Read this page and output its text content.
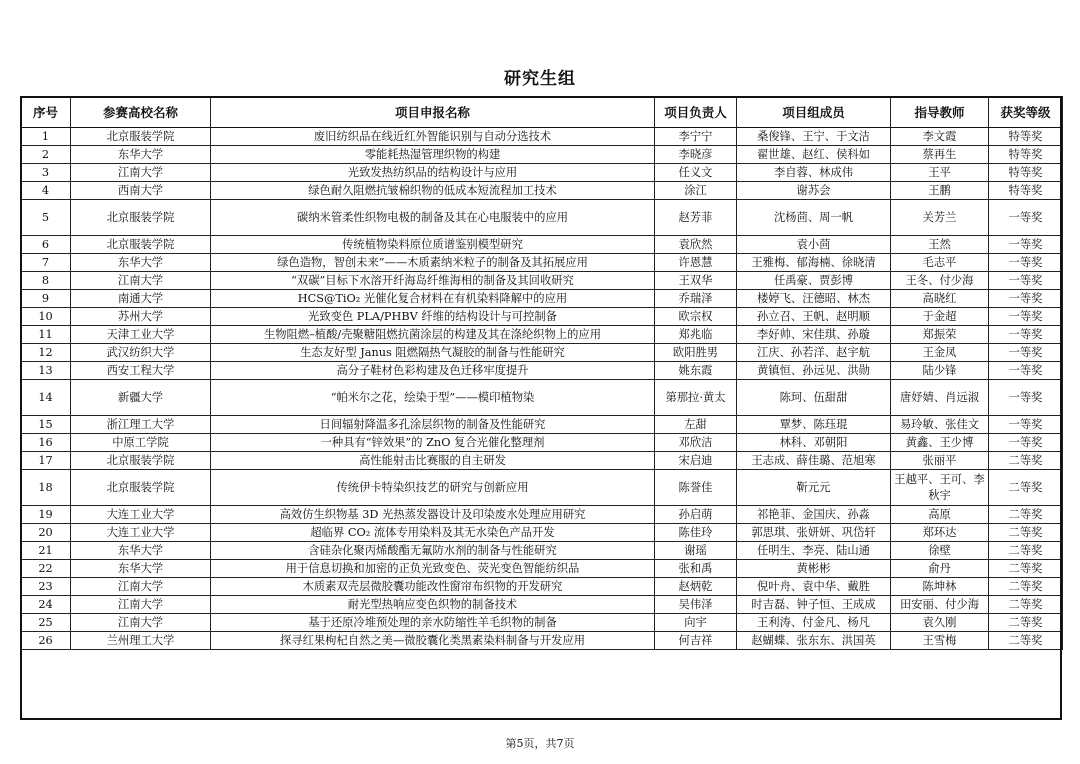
研究生组
序号	参赛高校名称	项目申报名称	项目负责人	项目组成员	指导教师	获奖等级
1	北京服装学院	废旧纺织品在线近红外智能识别与自动分选技术	李宁宁	桑俊锋、王宁、于文洁	李文霞	特等奖
2	东华大学	零能耗热湿管理织物的构建	李晓彦	翟世雄、赵红、侯科如	蔡再生	特等奖
3	江南大学	光致发热纺织品的结构设计与应用	任义文	李自蓉、林成伟	王平	特等奖
4	西南大学	绿色耐久阻燃抗皱棉织物的低成本短流程加工技术	涂江	谢苏会	王鹏	特等奖
5	北京服装学院	碳纳米管柔性织物电极的制备及其在心电服装中的应用	赵芳菲	沈杨茴、周一帆	关芳兰	一等奖
6	北京服装学院	传统植物染料原位质谱鉴别模型研究	袁欣然	袁小茴	王然	一等奖
7	东华大学	绿色造物，智创未来”——木质素纳米粒子的制备及其拓展应用	许恩慧	王雅梅、郁海楠、徐晓清	毛志平	一等奖
8	江南大学	“双碳”目标下水溶开纤海岛纤维海相的制备及其回收研究	王双华	任禹豪、贾彭博	王冬、付少海	一等奖
9	南通大学	HCS@TiO₂ 光催化复合材料在有机染料降解中的应用	乔瑞泽	楼婷飞、汪德昭、林杰	高晓红	一等奖
10	苏州大学	光致变色 PLA/PHBV 纤维的结构设计与可控制备	欧宗权	孙立召、王帆、赵明顺	于金超	一等奖
11	天津工业大学	生物阻燃–植酸/壳聚糖阻燃抗菌涂层的构建及其在涤纶织物上的应用	郑兆临	李好帅、宋佳琪、孙璇	郑振荣	一等奖
12	武汉纺织大学	生态友好型 Janus 阻燃隔热气凝胶的制备与性能研究	欧阳胜男	江庆、孙若洋、赵宇航	王金凤	一等奖
13	西安工程大学	高分子鞋材色彩构建及色迁移牢度提升	姚东霞	黄镇恒、孙远见、洪勋	陆少锋	一等奖
14	新疆大学	“帕米尔之花，绘染于型”——模印植物染	第那拉·黄太	陈珂、伍甜甜	唐妤婧、肖远淑	一等奖
15	浙江理工大学	日间辐射降温多孔涂层织物的制备及性能研究	左甜	覃梦、陈珏琨	易玲敏、张佳文	一等奖
16	中原工学院	一种具有“锌效果”的 ZnO 复合光催化整理剂	邓欣洁	林科、邓朝阳	黄鑫、王少博	一等奖
17	北京服装学院	高性能射击比赛服的自主研发	宋启迪	王志成、薛佳璐、范旭寒	张丽平	二等奖
18	北京服装学院	传统伊卡特染织技艺的研究与创新应用	陈誉佳	靳元元	王越平、王可、李秋宇	二等奖
19	大连工业大学	高效仿生织物基 3D 光热蒸发器设计及印染废水处理应用研究	孙启萌	祁艳菲、金国庆、孙淼	高原	二等奖
20	大连工业大学	超临界 CO₂ 流体专用染料及其无水染色产品开发	陈佳玲	郭思琪、张妍妍、巩岱轩	郑环达	二等奖
21	东华大学	含硅杂化聚丙烯酸酯无氟防水剂的制备与性能研究	谢瑶	任明生、李亮、陆山通	徐壁	二等奖
22	东华大学	用于信息切换和加密的正负光致变色、荧光变色智能纺织品	张和禹	黄彬彬	俞丹	二等奖
23	江南大学	木质素双壳层微胶囊功能改性窗帘布织物的开发研究	赵炳乾	倪叶舟、袁中华、戴胜	陈坤林	二等奖
24	江南大学	耐光型热响应变色织物的制备技术	吴伟泽	时吉磊、钟子恒、王成成	田安丽、付少海	二等奖
25	江南大学	基于还原冷堆预处理的亲水防缩性羊毛织物的制备	向宇	王利涛、付金凡、杨凡	袁久刚	二等奖
26	兰州理工大学	探寻红果枸杞自然之美—微胶囊化类黑素染料制备与开发应用	何吉祥	赵蝴蝶、张东东、洪国英	王雪梅	二等奖
第5页，共7页
